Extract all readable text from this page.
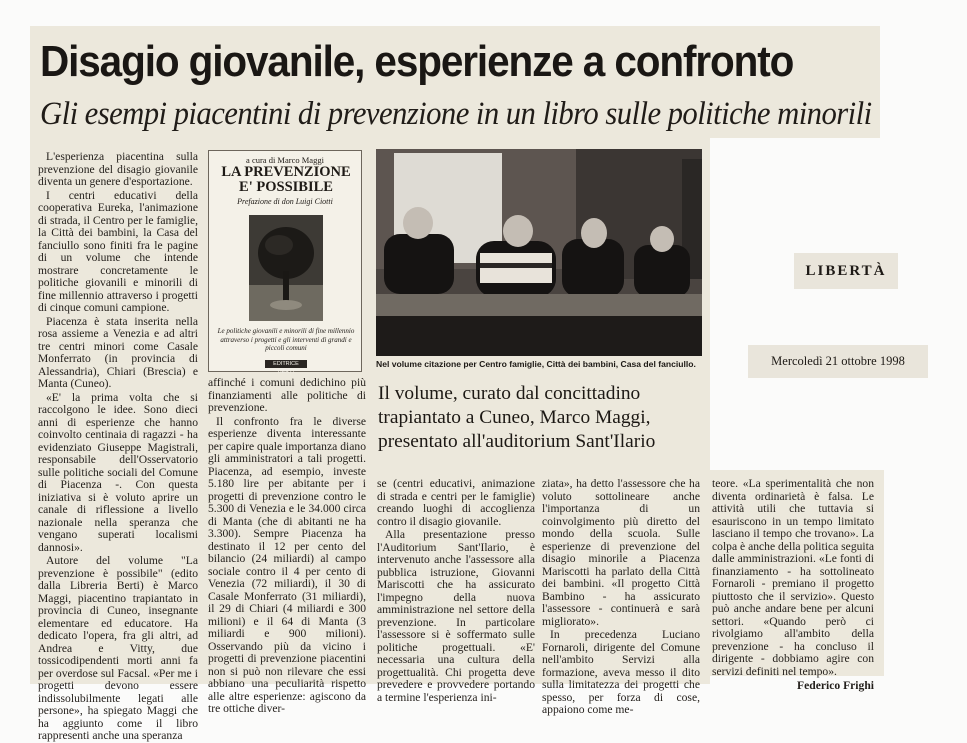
Disagio giovanile, esperienze a confronto
Gli esempi piacentini di prevenzione in un libro sulle politiche minorili

L'esperienza piacentina sulla prevenzione del disagio giovanile diventa un genere d'esportazione.

I centri educativi della cooperativa Eureka, l'animazione di strada, il Centro per le famiglie, la Città dei bambini, la Casa del fanciullo sono finiti fra le pagine di un volume che intende mostrare concretamente le politiche giovanili e minorili di fine millennio attraverso i progetti di cinque comuni campione.

Piacenza è stata inserita nella rosa assieme a Venezia e ad altri tre centri minori come Casale Monferrato (in provincia di Alessandria), Chiari (Brescia) e Manta (Cuneo).

«E' la prima volta che si raccolgono le idee. Sono dieci anni di esperienze che hanno coinvolto centinaia di ragazzi - ha evidenziato Giuseppe Magistrali, responsabile dell'Osservatorio sulle politiche sociali del Comune di Piacenza -. Con questa iniziativa si è voluto aprire un canale di riflessione a livello nazionale nella speranza che vengano superati localismi dannosi».

Autore del volume "La prevenzione è possibile" (edito dalla Libreria Berti) è Marco Maggi, piacentino trapiantato in provincia di Cuneo, insegnante elementare ed educatore. Ha dedicato l'opera, fra gli altri, ad Andrea e Vitty, due tossicodipendenti morti anni fa per overdose sul Facsal. «Per me i progetti devono essere indissolubilmente legati alle persone», ha spiegato Maggi che ha aggiunto come il libro rappresenti anche una speranza

a cura di Marco Maggi
LA PREVENZIONE
E' POSSIBILE
Prefazione di don Luigi Ciotti
Le politiche giovanili e minorili di fine millennio attraverso i progetti e gli interventi di grandi e piccoli comuni
EDITRICE BERTI
Nel volume citazione per Centro famiglie, Città dei bambini, Casa del fanciullo.
Il volume, curato dal concittadino
trapiantato a Cuneo, Marco Maggi,
presentato all'auditorium Sant'Ilario

affinché i comuni dedichino più finanziamenti alle politiche di prevenzione.

Il confronto fra le diverse esperienze diventa interessante per capire quale importanza diano gli amministratori a tali progetti. Piacenza, ad esempio, investe 5.180 lire per abitante per i progetti di prevenzione contro le 5.300 di Venezia e le 34.000 circa di Manta (che di abitanti ne ha 3.300). Sempre Piacenza ha destinato il 12 per cento del bilancio (24 miliardi) al campo sociale contro il 4 per cento di Venezia (72 miliardi), il 30 di Casale Monferrato (31 miliardi), il 29 di Chiari (4 miliardi e 300 milioni) e il 64 di Manta (3 miliardi e 900 milioni). Osservando più da vicino i progetti di prevenzione piacentini non si può non rilevare che essi abbiano una peculiarità rispetto alle altre esperienze: agiscono da tre ottiche diver-

se (centri educativi, animazione di strada e centri per le famiglie) creando luoghi di accoglienza contro il disagio giovanile.

Alla presentazione presso l'Auditorium Sant'Ilario, è intervenuto anche l'assessore alla pubblica istruzione, Giovanni Mariscotti che ha assicurato l'impegno della nuova amministrazione nel settore della prevenzione. In particolare l'assessore si è soffermato sulle politiche progettuali. «E' necessaria una cultura della progettualità. Chi progetta deve prevedere e provvedere portando a termine l'esperienza ini-

ziata», ha detto l'assessore che ha voluto sottolineare anche l'importanza di un coinvolgimento più diretto del mondo della scuola. Sulle esperienze di prevenzione del disagio minorile a Piacenza Mariscotti ha parlato della Città dei bambini. «Il progetto Città Bambino - ha assicurato l'assessore - continuerà e sarà migliorato».

In precedenza Luciano Fornaroli, dirigente del Comune nell'ambito Servizi alla formazione, aveva messo il dito sulla limitatezza dei progetti che spesso, per forza di cose, appaiono come me-

teore. «La sperimentalità che non diventa ordinarietà è falsa. Le attività utili che tuttavia si esauriscono in un tempo limitato lasciano il tempo che trovano». La colpa è anche della politica seguita dalle amministrazioni. «Le fonti di finanziamento - ha sottolineato Fornaroli - premiano il progetto piuttosto che il servizio». Questo può anche andare bene per alcuni settori. «Quando però ci rivolgiamo all'ambito della prevenzione - ha concluso il dirigente - dobbiamo agire con servizi definiti nel tempo».

Federico Frighi
LIBERTÀ
Mercoledì 21 ottobre 1998
